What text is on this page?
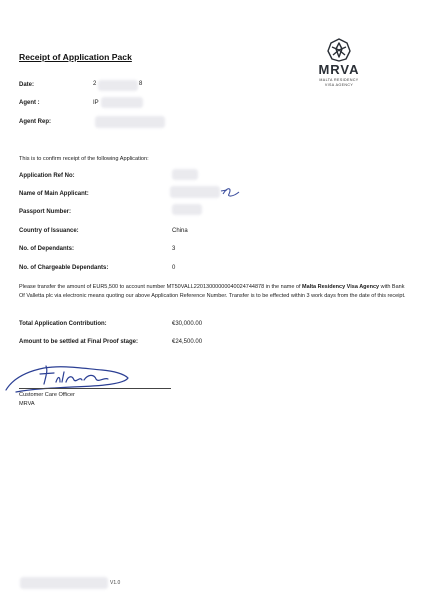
Receipt of Application Pack
MRVA
MALTA RESIDENCY
VISA AGENCY
Date:	2	8
Agent :	IP
Agent Rep:
This is to confirm receipt of the following Application:
Application Ref No:
Name of Main Applicant:
Passport Number:
Country of Issuance:	China
No. of Dependants:	3
No. of Chargeable Dependants:	0
Please transfer the amount of EUR5,500 to account number MT50VALL22013000000040024744878 in the name of Malta Residency Visa Agency with Bank Of Valletta plc via electronic means quoting our above Application Reference Number. Transfer is to be effected within 3 work days from the date of this receipt.
Total Application Contribution:	€30,000.00
Amount to be settled at Final Proof stage:	€24,500.00
Customer Care Officer
MRVA
V1.0
